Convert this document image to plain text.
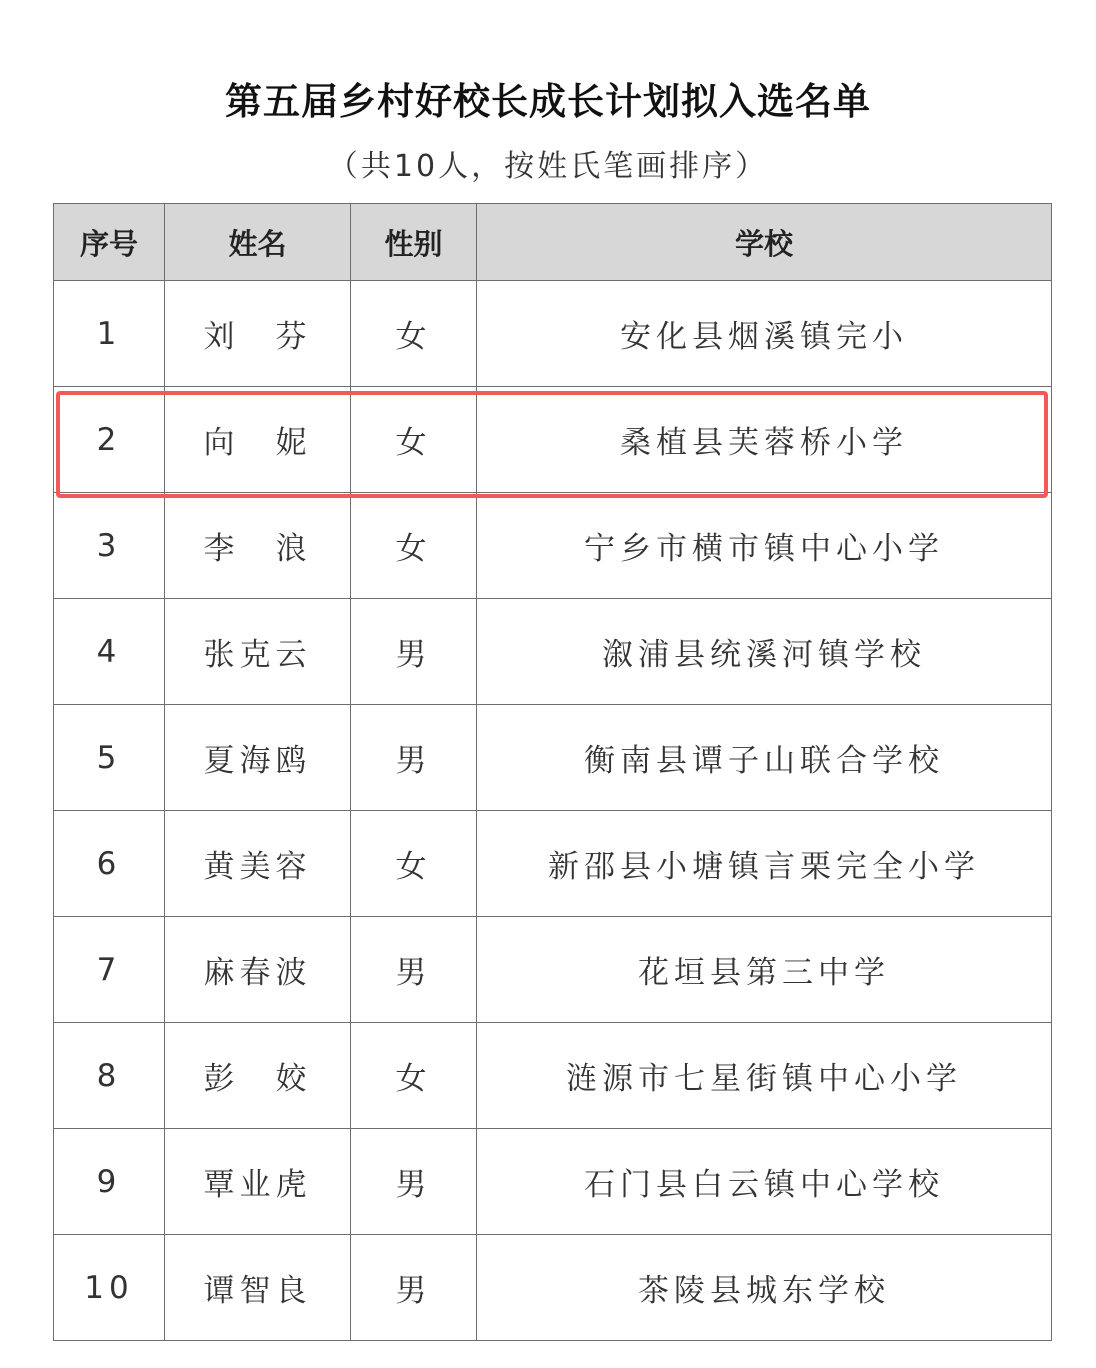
第五届乡村好校长成长计划拟入选名单
（共10人，按姓氏笔画排序）
序号	姓名	性别	学校
1	刘　芬	女	安化县烟溪镇完小
2	向　妮	女	桑植县芙蓉桥小学
3	李　浪	女	宁乡市横市镇中心小学
4	张克云	男	溆浦县统溪河镇学校
5	夏海鸥	男	衡南县谭子山联合学校
6	黄美容	女	新邵县小塘镇言栗完全小学
7	麻春波	男	花垣县第三中学
8	彭　姣	女	涟源市七星街镇中心小学
9	覃业虎	男	石门县白云镇中心学校
10	谭智良	男	茶陵县城东学校
